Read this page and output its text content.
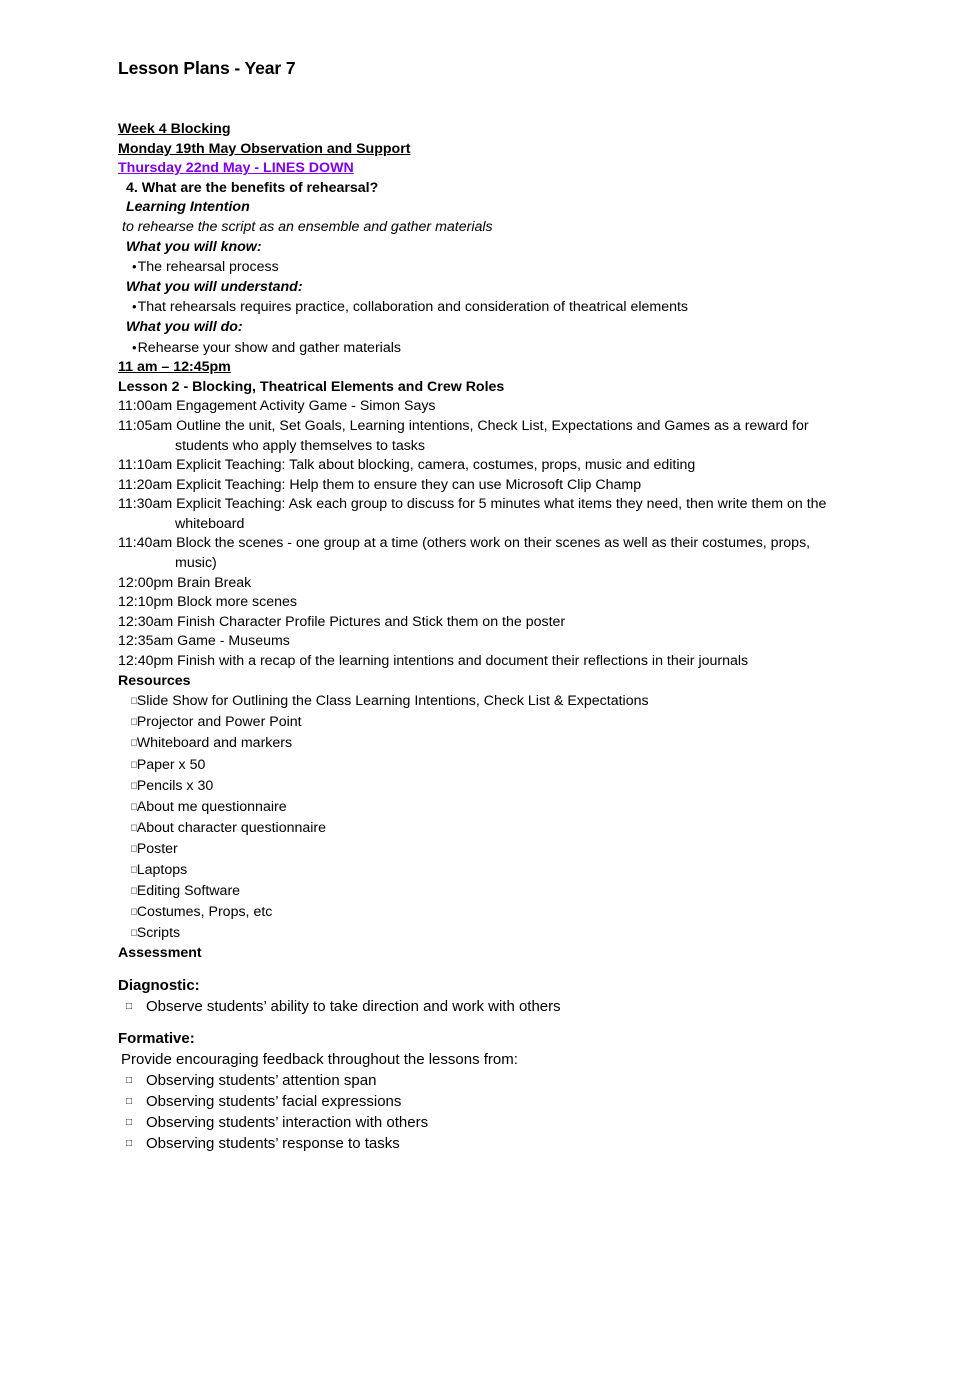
Lesson Plans - Year 7
Week 4 Blocking
Monday 19th May Observation and Support
Thursday 22nd May - LINES DOWN
4. What are the benefits of rehearsal?
Learning Intention
to rehearse the script as an ensemble and gather materials
What you will know:
•The rehearsal process
What you will understand:
•That rehearsals requires practice, collaboration and consideration of theatrical elements
What you will do:
•Rehearse your show and gather materials
11 am – 12:45pm
Lesson 2 - Blocking, Theatrical Elements and Crew Roles
11:00am Engagement Activity Game - Simon Says
11:05am Outline the unit, Set Goals, Learning intentions, Check List, Expectations and Games as a reward for
students who apply themselves to tasks
11:10am Explicit Teaching: Talk about blocking, camera, costumes, props, music and editing
11:20am Explicit Teaching: Help them to ensure they can use Microsoft Clip Champ
11:30am Explicit Teaching: Ask each group to discuss for 5 minutes what items they need, then write them on the
whiteboard
11:40am Block the scenes - one group at a time (others work on their scenes as well as their costumes, props,
music)
12:00pm Brain Break
12:10pm Block more scenes
12:30am Finish Character Profile Pictures and Stick them on the poster
12:35am Game - Museums
12:40pm Finish with a recap of the learning intentions and document their reflections in their journals
Resources
□Slide Show for Outlining the Class Learning Intentions, Check List & Expectations
□Projector and Power Point
□Whiteboard and markers
□Paper x 50
□Pencils x 30
□About me questionnaire
□About character questionnaire
□Poster
□Laptops
□Editing Software
□Costumes, Props, etc
□Scripts
Assessment
Diagnostic:
□ Observe students’ ability to take direction and work with others
Formative:
Provide encouraging feedback throughout the lessons from:
□ Observing students’ attention span
□ Observing students’ facial expressions
□ Observing students’ interaction with others
□ Observing students’ response to tasks
